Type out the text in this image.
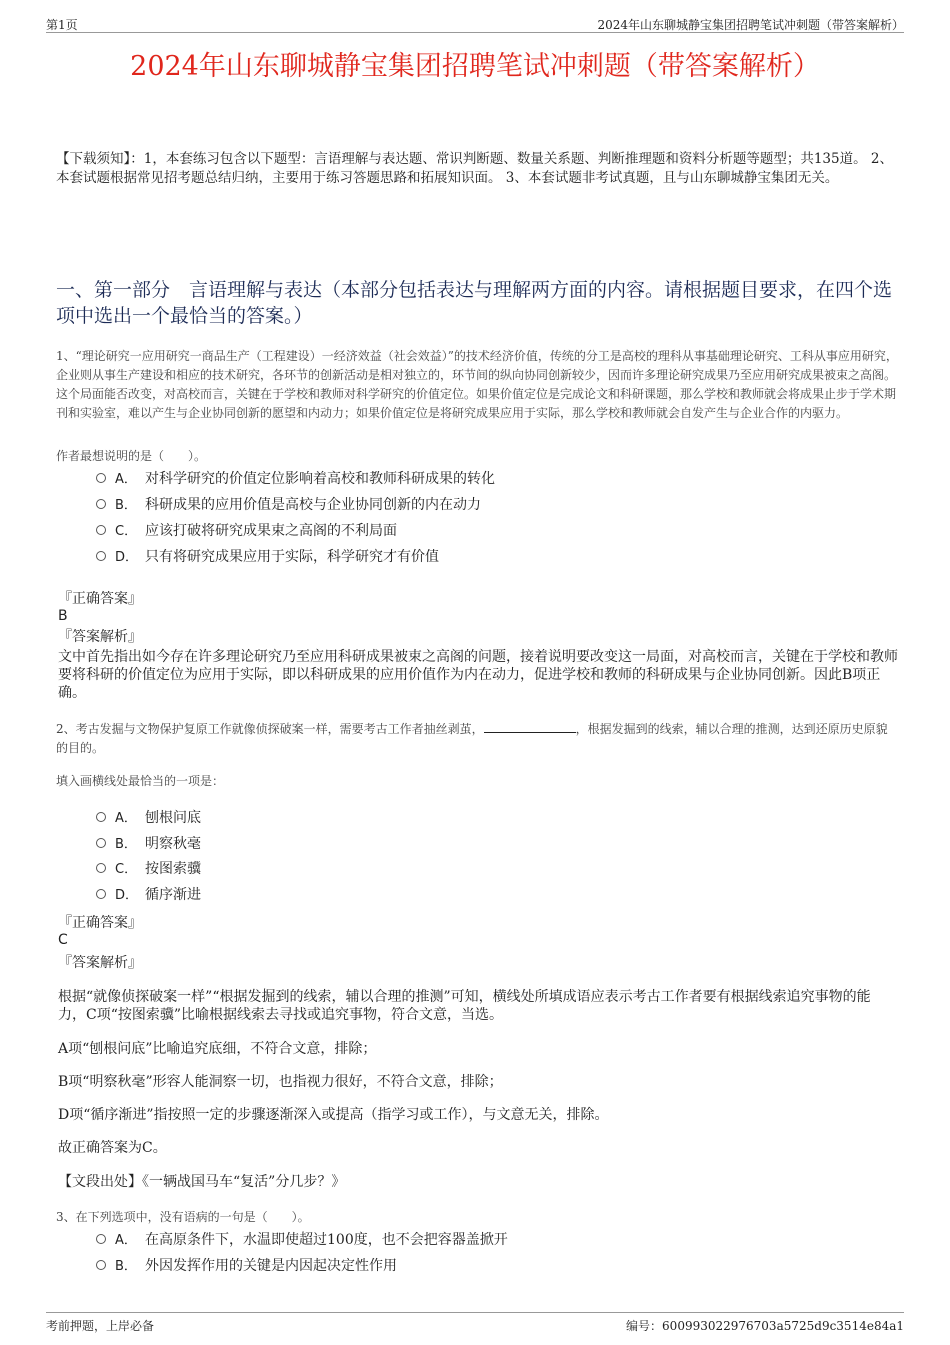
第1页	2024年山东聊城静宝集团招聘笔试冲刺题（带答案解析）
2024年山东聊城静宝集团招聘笔试冲刺题（带答案解析）
【下载须知】：1，本套练习包含以下题型：言语理解与表达题、常识判断题、数量关系题、判断推理题和资料分析题等题型；共135道。 2、本套试题根据常见招考题总结归纳，主要用于练习答题思路和拓展知识面。 3、本套试题非考试真题，且与山东聊城静宝集团无关。
一、第一部分　言语理解与表达（本部分包括表达与理解两方面的内容。请根据题目要求，在四个选项中选出一个最恰当的答案。）
1、“理论研究一应用研究一商品生产（工程建设）一经济效益（社会效益）”的技术经济价值，传统的分工是高校的理科从事基础理论研究、工科从事应用研究，企业则从事生产建设和相应的技术研究，各环节的创新活动是相对独立的，环节间的纵向协同创新较少，因而许多理论研究成果乃至应用研究成果被束之高阁。这个局面能否改变，对高校而言，关键在于学校和教师对科学研究的价值定位。如果价值定位是完成论文和科研课题，那么学校和教师就会将成果止步于学术期刊和实验室，难以产生与企业协同创新的愿望和内动力；如果价值定位是将研究成果应用于实际，那么学校和教师就会自发产生与企业合作的内驱力。
作者最想说明的是（　　）。
A． 对科学研究的价值定位影响着高校和教师科研成果的转化
B． 科研成果的应用价值是高校与企业协同创新的内在动力
C． 应该打破将研究成果束之高阁的不利局面
D． 只有将研究成果应用于实际，科学研究才有价值
『正确答案』
B
『答案解析』
文中首先指出如今存在许多理论研究乃至应用科研成果被束之高阁的问题，接着说明要改变这一局面，对高校而言，关键在于学校和教师要将科研的价值定位为应用于实际，即以科研成果的应用价值作为内在动力，促进学校和教师的科研成果与企业协同创新。因此B项正确。
2、考古发掘与文物保护复原工作就像侦探破案一样，需要考古工作者抽丝剥茧，	，根据发掘到的线索，辅以合理的推测，达到还原历史原貌的目的。
填入画横线处最恰当的一项是：
A． 刨根问底
B． 明察秋毫
C． 按图索骥
D． 循序渐进
『正确答案』
C
『答案解析』
根据“就像侦探破案一样”“根据发掘到的线索，辅以合理的推测”可知，横线处所填成语应表示考古工作者要有根据线索追究事物的能力，C项“按图索骥”比喻根据线索去寻找或追究事物，符合文意，当选。
A项“刨根问底”比喻追究底细，不符合文意，排除；
B项“明察秋毫”形容人能洞察一切，也指视力很好，不符合文意，排除；
D项“循序渐进”指按照一定的步骤逐渐深入或提高（指学习或工作），与文意无关，排除。
故正确答案为C。
【文段出处】《一辆战国马车“复活”分几步？》
3、在下列选项中，没有语病的一句是（　　）。
A． 在高原条件下，水温即使超过100度，也不会把容器盖掀开
B． 外因发挥作用的关键是内因起决定性作用
考前押题，上岸必备	编号：600993022976703a5725d9c3514e84a1
